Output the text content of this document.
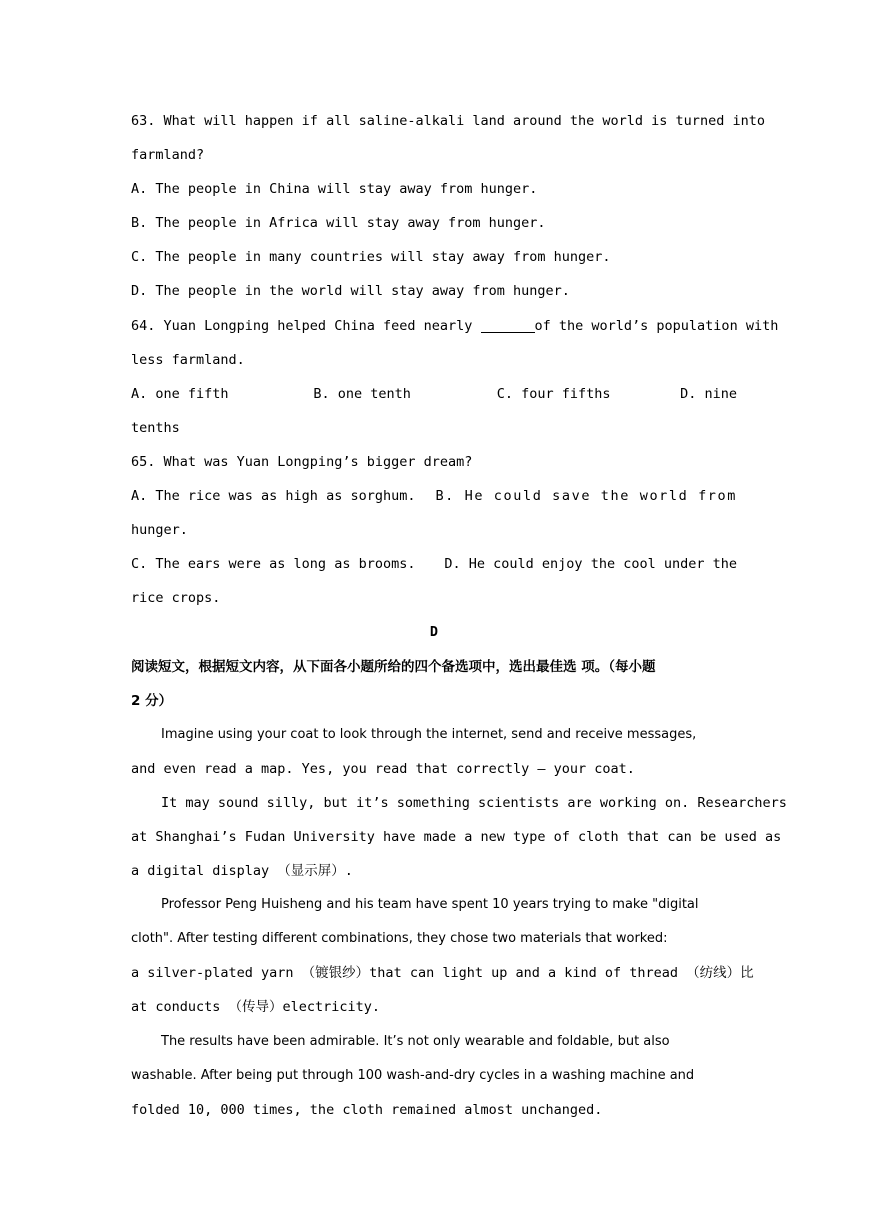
63. What will happen if all saline-alkali land around the world is turned into
farmland?
A. The people in China will stay away from hunger.
B. The people in Africa will stay away from hunger.
C. The people in many countries will stay away from hunger.
D. The people in the world will stay away from hunger.
64. Yuan Longping helped China feed nearly	of the world’s population with
less farmland.
A. one fifth	B. one tenth	C. four fifths	D. nine
tenths
65. What was Yuan Longping’s bigger dream?
A. The rice was as high as sorghum.	B. He could save the world from
hunger.
C. The ears were as long as brooms.	D. He could enjoy the cool under the
rice crops.
D
阅读短文，根据短文内容，从下面各小题所给的四个备选项中，选出最佳选 项。（每小题
2 分）
Imagine using your coat to look through the internet, send and receive messages,
and even read a map. Yes, you read that correctly — your coat.
It may sound silly, but it’s something scientists are working on. Researchers
at Shanghai’s Fudan University have made a new type of cloth that can be used as
a digital display （显示屏）.
Professor Peng Huisheng and his team have spent 10 years trying to make "digital
cloth". After testing different combinations, they chose two materials that worked:
a silver-plated yarn （镀银纱）that can light up and a kind of thread （纺线）比
at conducts （传导）electricity.
The results have been admirable. It’s not only wearable and foldable, but also
washable. After being put through 100 wash-and-dry cycles in a washing machine and
folded 10, 000 times, the cloth remained almost unchanged.
